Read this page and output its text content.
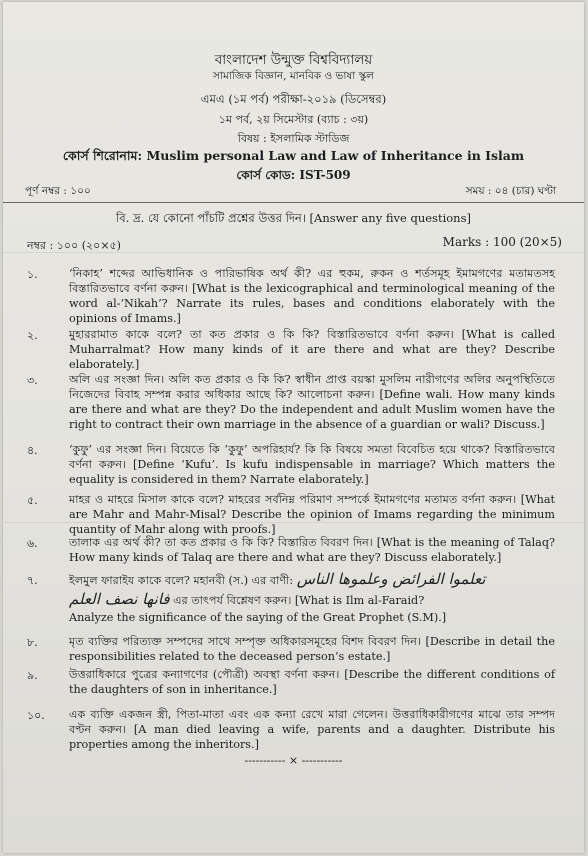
বাংলাদেশ উন্মুক্ত বিশ্ববিদ্যালয়
সামাজিক বিজ্ঞান, মানবিক ও ভাষা স্কুল
এমএ (১ম পর্ব) পরীক্ষা-২০১৯ (ডিসেম্বর)
১ম পর্ব, ২য় সিমেস্টার (ব্যাচ : ৩য়)
বিষয় : ইসলামিক স্টাডিজ
কোর্স শিরোনাম: Muslim personal Law and Law of Inheritance in Islam
কোর্স কোড: IST-509
পূর্ণ নম্বর : ১০০	সময় : ০৪ (চার) ঘণ্টা
বি. দ্র. যে কোনো পাঁচটি প্রশ্নের উত্তর দিন। [Answer any five questions]
নম্বর : ১০০ (২০×৫)	Marks : 100 (20×5)
১.	‘নিকাহ’ শব্দের আভিধানিক ও পারিভাষিক অর্থ কী? এর হুকম, রুকন ও শর্তসমূহ ইমামগণের মতামতসহ বিস্তারিতভাবে বর্ণনা করুন। [What is the lexicographical and terminological meaning of the word al-‘Nikah’? Narrate its rules, bases and conditions elaborately with the opinions of Imams.]
২.	মুহাররামাত কাকে বলে? তা কত প্রকার ও কি কি? বিস্তারিতভাবে বর্ণনা করুন। [What is called Muharralmat? How many kinds of it are there and what are they? Describe elaborately.]
৩.	অলি এর সংজ্ঞা দিন। অলি কত প্রকার ও কি কি? স্বাধীন প্রাপ্ত বয়স্কা মুসলিম নারীগণের অলির অনুপস্থিতিতে নিজেদের বিবাহ সম্পন্ন করার অধিকার আছে কি? আলোচনা করুন। [Define wali. How many kinds are there and what are they? Do the independent and adult Muslim women have the right to contract their own marriage in the absence of a guardian or wali? Discuss.]
৪.	‘কুফু’ এর সংজ্ঞা দিন। বিয়েতে কি ‘কুফু’ অপরিহার্য? কি কি বিষয়ে সমতা বিবেচিত হয়ে থাকে? বিস্তারিতভাবে বর্ণনা করুন। [Define ‘Kufu’. Is kufu indispensable in marriage? Which matters the equality is considered in them? Narrate elaborately.]
৫.	মাহর ও মাহরে মিসাল কাকে বলে? মাহরের সর্বনিম্ন পরিমাণ সম্পর্কে ইমামগণের মতামত বর্ণনা করুন। [What are Mahr and Mahr-Misal? Describe the opinion of Imams regarding the minimum quantity of Mahr along with proofs.]
৬.	তালাক এর অর্থ কী? তা কত প্রকার ও কি কি? বিস্তারিত বিবরণ দিন। [What is the meaning of Talaq? How many kinds of Talaq are there and what are they? Discuss elaborately.]
৭.	ইলমুল ফারাইয কাকে বলে? মহানবী (স.) এর বাণী: تعلموا الفرائض وعلموها الناس
فانها نصف العلم এর তাৎপর্য বিশ্লেষণ করুন। [What is Ilm al-Faraid?
Analyze the significance of the saying of the Great Prophet (S.M).]
৮.	মৃত ব্যক্তির পরিত্যক্ত সম্পদের সাথে সম্পৃক্ত অধিকারসমূহের বিশদ বিবরণ দিন। [Describe in detail the responsibilities related to the deceased person’s estate.]
৯.	উত্তরাধিকারে পুত্রের কন্যাগণের (পৌত্রী) অবস্থা বর্ণনা করুন। [Describe the different conditions of the daughters of son in inheritance.]
১০. এক ব্যক্তি একজন স্ত্রী, পিতা-মাতা এবং এক কন্যা রেখে মারা গেলেন। উত্তরাধিকারীগণের মাঝে তার সম্পদ বণ্টন করুন। [A man died leaving a wife, parents and a daughter. Distribute his properties among the inheritors.]
----------- × -----------
